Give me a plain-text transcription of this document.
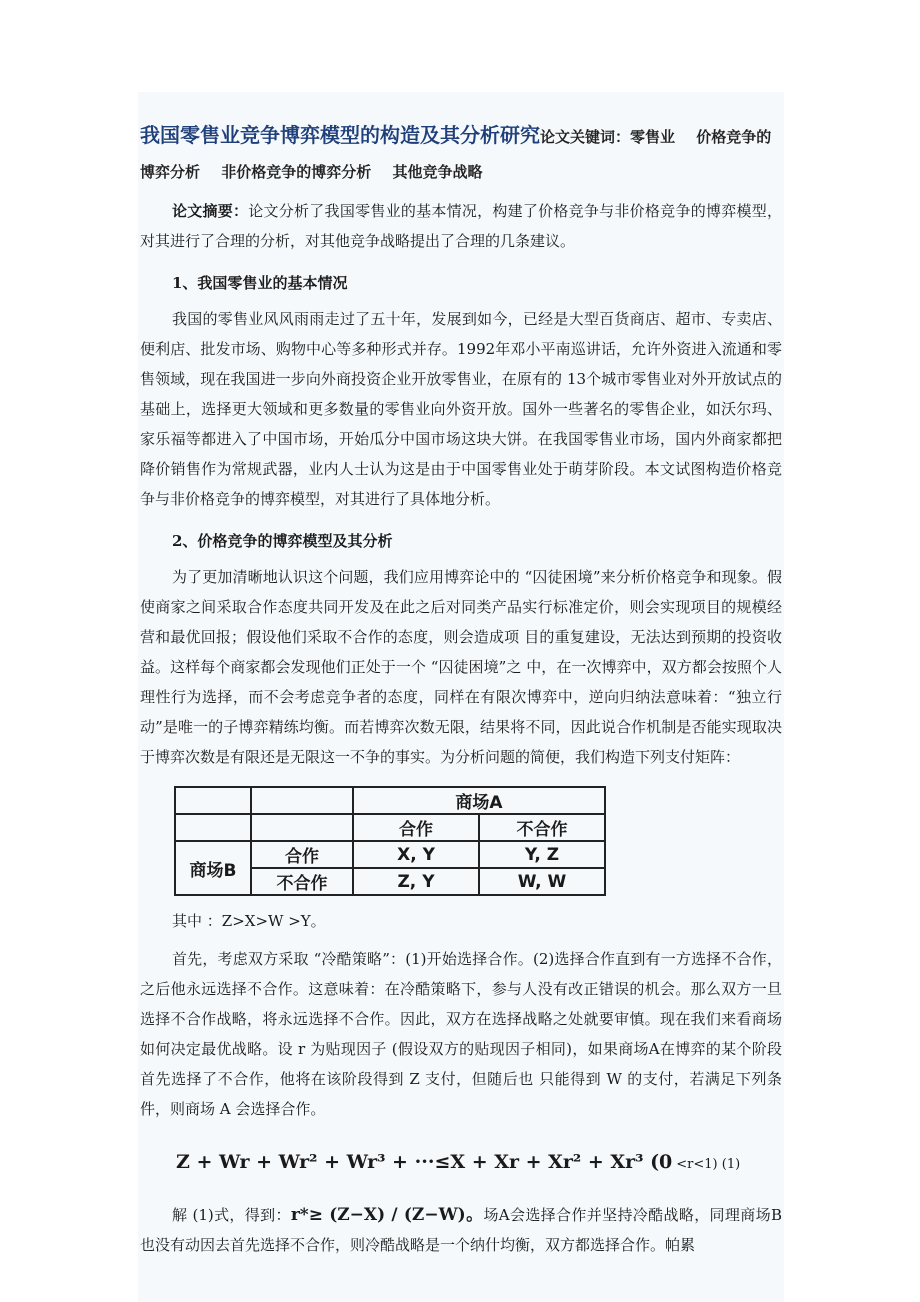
我国零售业竞争博弈模型的构造及其分析研究论文关键词：零售业 价格竞争的博弈分析 非价格竞争的博弈分析 其他竞争战略

论文摘要：论文分析了我国零售业的基本情况，构建了价格竞争与非价格竞争的博弈模型，对其进行了合理的分析，对其他竞争战略提出了合理的几条建议。

1、我国零售业的基本情况

我国的零售业风风雨雨走过了五十年，发展到如今，已经是大型百货商店、超市、专卖店、便利店、批发市场、购物中心等多种形式并存。1992年邓小平南巡讲话，允许外资进入流通和零售领域，现在我国进一步向外商投资企业开放零售业，在原有的 13个城市零售业对外开放试点的基础上，选择更大领域和更多数量的零售业向外资开放。国外一些著名的零售企业，如沃尔玛、家乐福等都进入了中国市场，开始瓜分中国市场这块大饼。在我国零售业市场，国内外商家都把降价销售作为常规武器，业内人士认为这是由于中国零售业处于萌芽阶段。本文试图构造价格竞争与非价格竞争的博弈模型，对其进行了具体地分析。

2、价格竞争的博弈模型及其分析

为了更加清晰地认识这个问题，我们应用博弈论中的 “囚徒困境”来分析价格竞争和现象。假使商家之间采取合作态度共同开发及在此之后对同类产品实行标准定价，则会实现项目的规模经营和最优回报；假设他们采取不合作的态度，则会造成项 目的重复建设，无法达到预期的投资收益。这样每个商家都会发现他们正处于一个 “囚徒困境”之 中，在一次博弈中，双方都会按照个人理性行为选择，而不会考虑竞争者的态度，同样在有限次博弈中，逆向归纳法意味着：“独立行动”是唯一的子博弈精练均衡。而若博弈次数无限，结果将不同，因此说合作机制是否能实现取决于博弈次数是有限还是无限这一不争的事实。为分析问题的简便，我们构造下列支付矩阵：

		商场A	
		合作	不合作
商场B	合作	X, Y	Y, Z
	不合作	Z, Y	W, W

其中 ：Z>X>W >Y。

首先，考虑双方采取 “冷酷策略”：(1)开始选择合作。(2)选择合作直到有一方选择不合作，之后他永远选择不合作。这意味着：在冷酷策略下，参与人没有改正错误的机会。那么双方一旦选择不合作战略，将永远选择不合作。因此，双方在选择战略之处就要审慎。现在我们来看商场如何决定最优战略。设 r 为贴现因子 (假设双方的贴现因子相同)，如果商场A在博弈的某个阶段首先选择了不合作，他将在该阶段得到 Z 支付，但随后也 只能得到 W 的支付，若满足下列条件，则商场 A 会选择合作。

Z + Wr + Wr² + Wr³ + ···≤X + Xr + Xr² + Xr³ (0 <r<1) (1)

解 (1)式，得到：r*≥ (Z−X) / (Z−W)。场A会选择合作并坚持冷酷战略，同理商场B也没有动因去首先选择不合作，则冷酷战略是一个纳什均衡，双方都选择合作。帕累
